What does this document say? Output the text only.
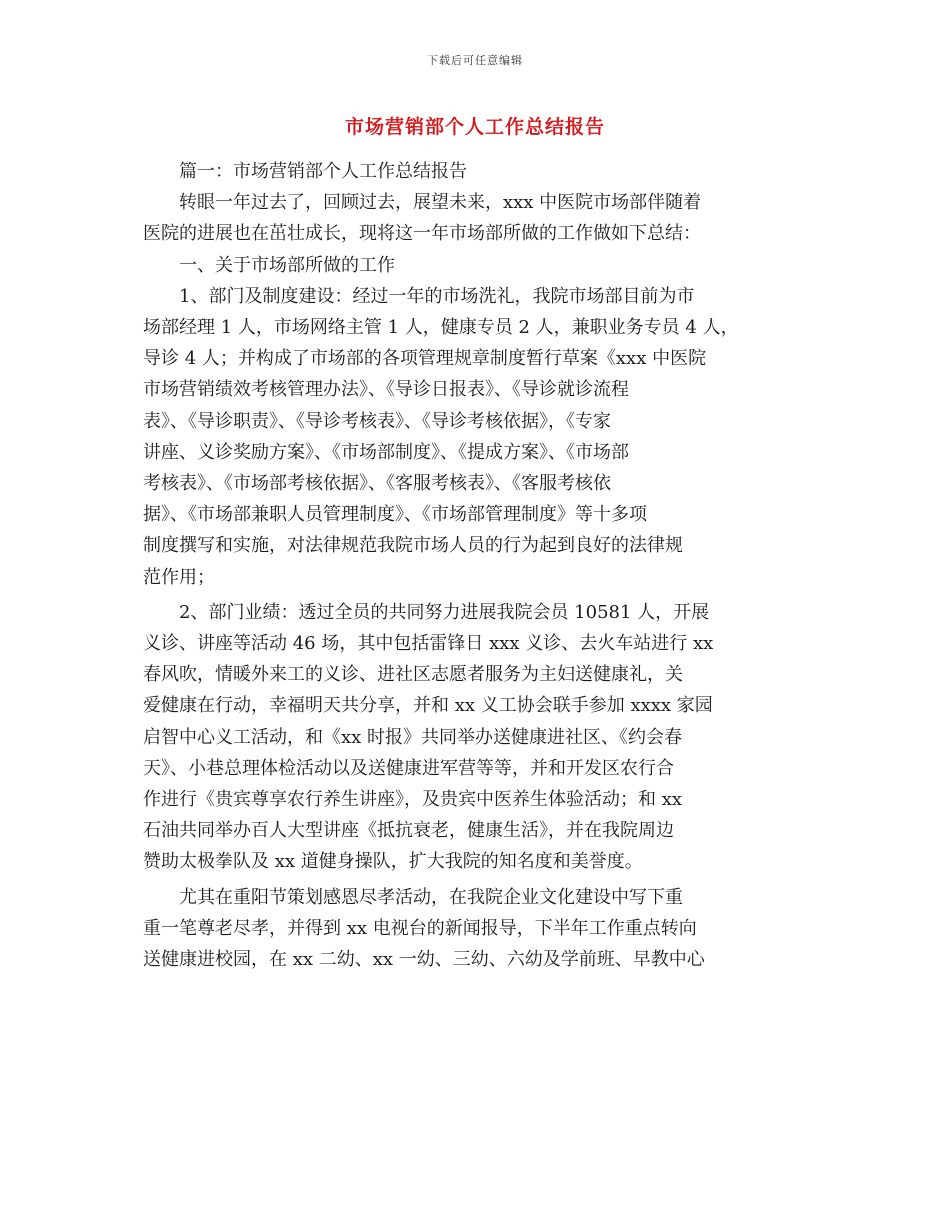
下载后可任意编辑
市场营销部个人工作总结报告

　　篇一：市场营销部个人工作总结报告

　　转眼一年过去了，回顾过去，展望未来，xxx 中医院市场部伴随着

医院的进展也在茁壮成长，现将这一年市场部所做的工作做如下总结：

　　一、关于市场部所做的工作

　　1、部门及制度建设：经过一年的市场洗礼，我院市场部目前为市

场部经理 1 人，市场网络主管 1 人，健康专员 2 人，兼职业务专员 4 人，

导诊 4 人；并构成了市场部的各项管理规章制度暂行草案《xxx 中医院

市场营销绩效考核管理办法》、《导诊日报表》、《导诊就诊流程

表》、《导诊职责》、《导诊考核表》、《导诊考核依据》，《专家

讲座、义诊奖励方案》、《市场部制度》、《提成方案》、《市场部

考核表》、《市场部考核依据》、《客服考核表》、《客服考核依

据》、《市场部兼职人员管理制度》、《市场部管理制度》等十多项

制度撰写和实施，对法律规范我院市场人员的行为起到良好的法律规

范作用；

　　2、部门业绩：透过全员的共同努力进展我院会员 10581 人，开展

义诊、讲座等活动 46 场，其中包括雷锋日 xxx 义诊、去火车站进行 xx

春风吹，情暖外来工的义诊、进社区志愿者服务为主妇送健康礼，关

爱健康在行动，幸福明天共分享，并和 xx 义工协会联手参加 xxxx 家园

启智中心义工活动，和《xx 时报》共同举办送健康进社区、《约会春

天》、小巷总理体检活动以及送健康进军营等等，并和开发区农行合

作进行《贵宾尊享农行养生讲座》，及贵宾中医养生体验活动；和 xx

石油共同举办百人大型讲座《抵抗衰老，健康生活》，并在我院周边

赞助太极拳队及 xx 道健身操队，扩大我院的知名度和美誉度。

　　尤其在重阳节策划感恩尽孝活动，在我院企业文化建设中写下重

重一笔尊老尽孝，并得到 xx 电视台的新闻报导，下半年工作重点转向

送健康进校园，在 xx 二幼、xx 一幼、三幼、六幼及学前班、早教中心
